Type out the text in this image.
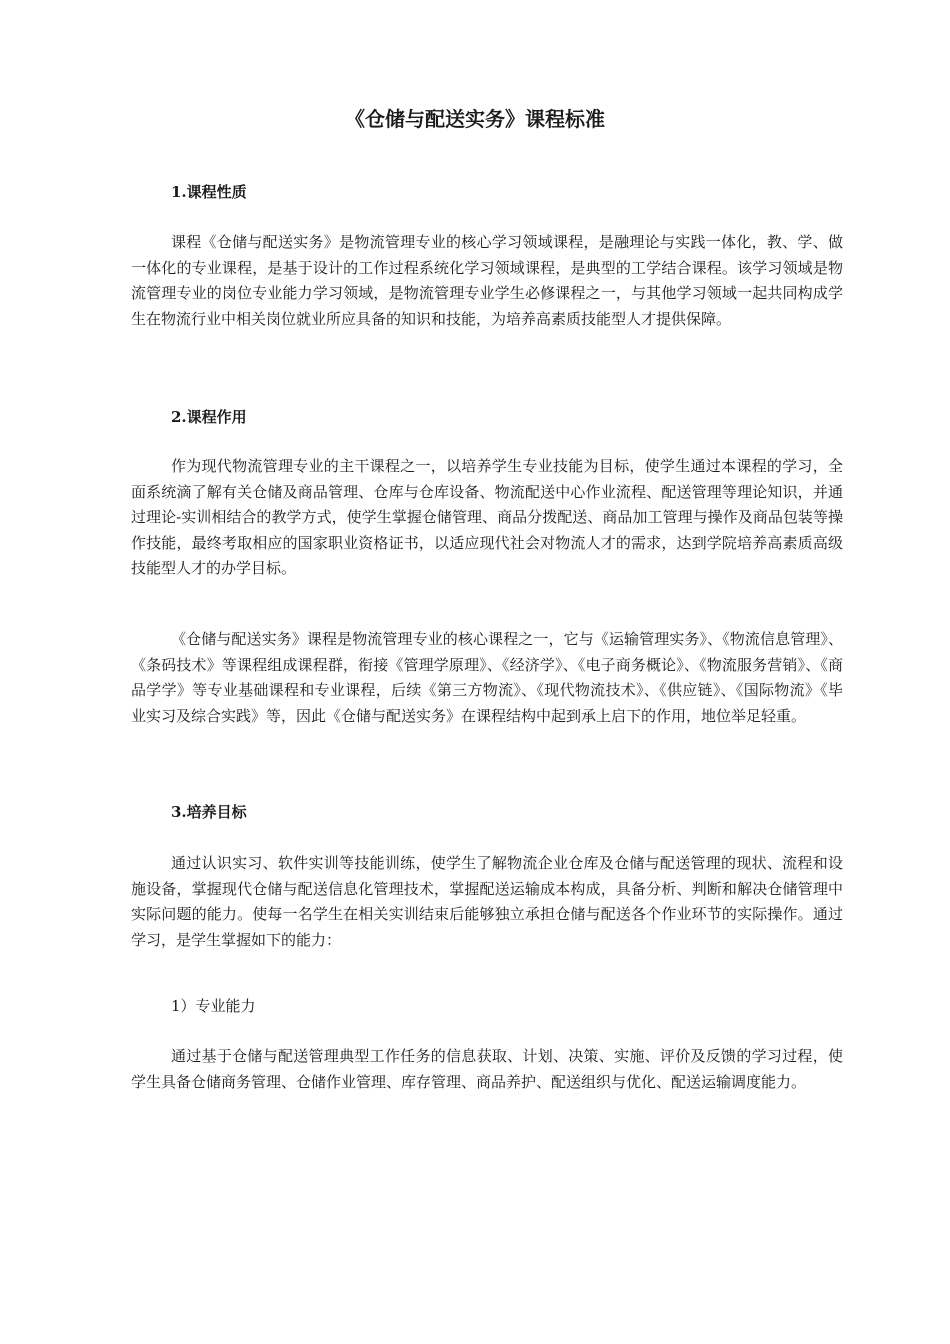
《仓储与配送实务》课程标准
1.课程性质

课程《仓储与配送实务》是物流管理专业的核心学习领域课程，是融理论与实践一体化，教、学、做一体化的专业课程，是基于设计的工作过程系统化学习领域课程，是典型的工学结合课程。该学习领域是物流管理专业的岗位专业能力学习领域，是物流管理专业学生必修课程之一，与其他学习领域一起共同构成学生在物流行业中相关岗位就业所应具备的知识和技能，为培养高素质技能型人才提供保障。

2.课程作用

作为现代物流管理专业的主干课程之一，以培养学生专业技能为目标，使学生通过本课程的学习，全面系统滴了解有关仓储及商品管理、仓库与仓库设备、物流配送中心作业流程、配送管理等理论知识，并通过理论-实训相结合的教学方式，使学生掌握仓储管理、商品分拨配送、商品加工管理与操作及商品包装等操作技能，最终考取相应的国家职业资格证书，以适应现代社会对物流人才的需求，达到学院培养高素质高级技能型人才的办学目标。

《仓储与配送实务》课程是物流管理专业的核心课程之一，它与《运输管理实务》、《物流信息管理》、《条码技术》等课程组成课程群，衔接《管理学原理》、《经济学》、《电子商务概论》、《物流服务营销》、《商品学学》等专业基础课程和专业课程，后续《第三方物流》、《现代物流技术》、《供应链》、《国际物流》《毕业实习及综合实践》等，因此《仓储与配送实务》在课程结构中起到承上启下的作用，地位举足轻重。

3.培养目标

通过认识实习、软件实训等技能训练，使学生了解物流企业仓库及仓储与配送管理的现状、流程和设施设备，掌握现代仓储与配送信息化管理技术，掌握配送运输成本构成，具备分析、判断和解决仓储管理中实际问题的能力。使每一名学生在相关实训结束后能够独立承担仓储与配送各个作业环节的实际操作。通过学习，是学生掌握如下的能力：

1）专业能力

通过基于仓储与配送管理典型工作任务的信息获取、计划、决策、实施、评价及反馈的学习过程，使学生具备仓储商务管理、仓储作业管理、库存管理、商品养护、配送组织与优化、配送运输调度能力。
